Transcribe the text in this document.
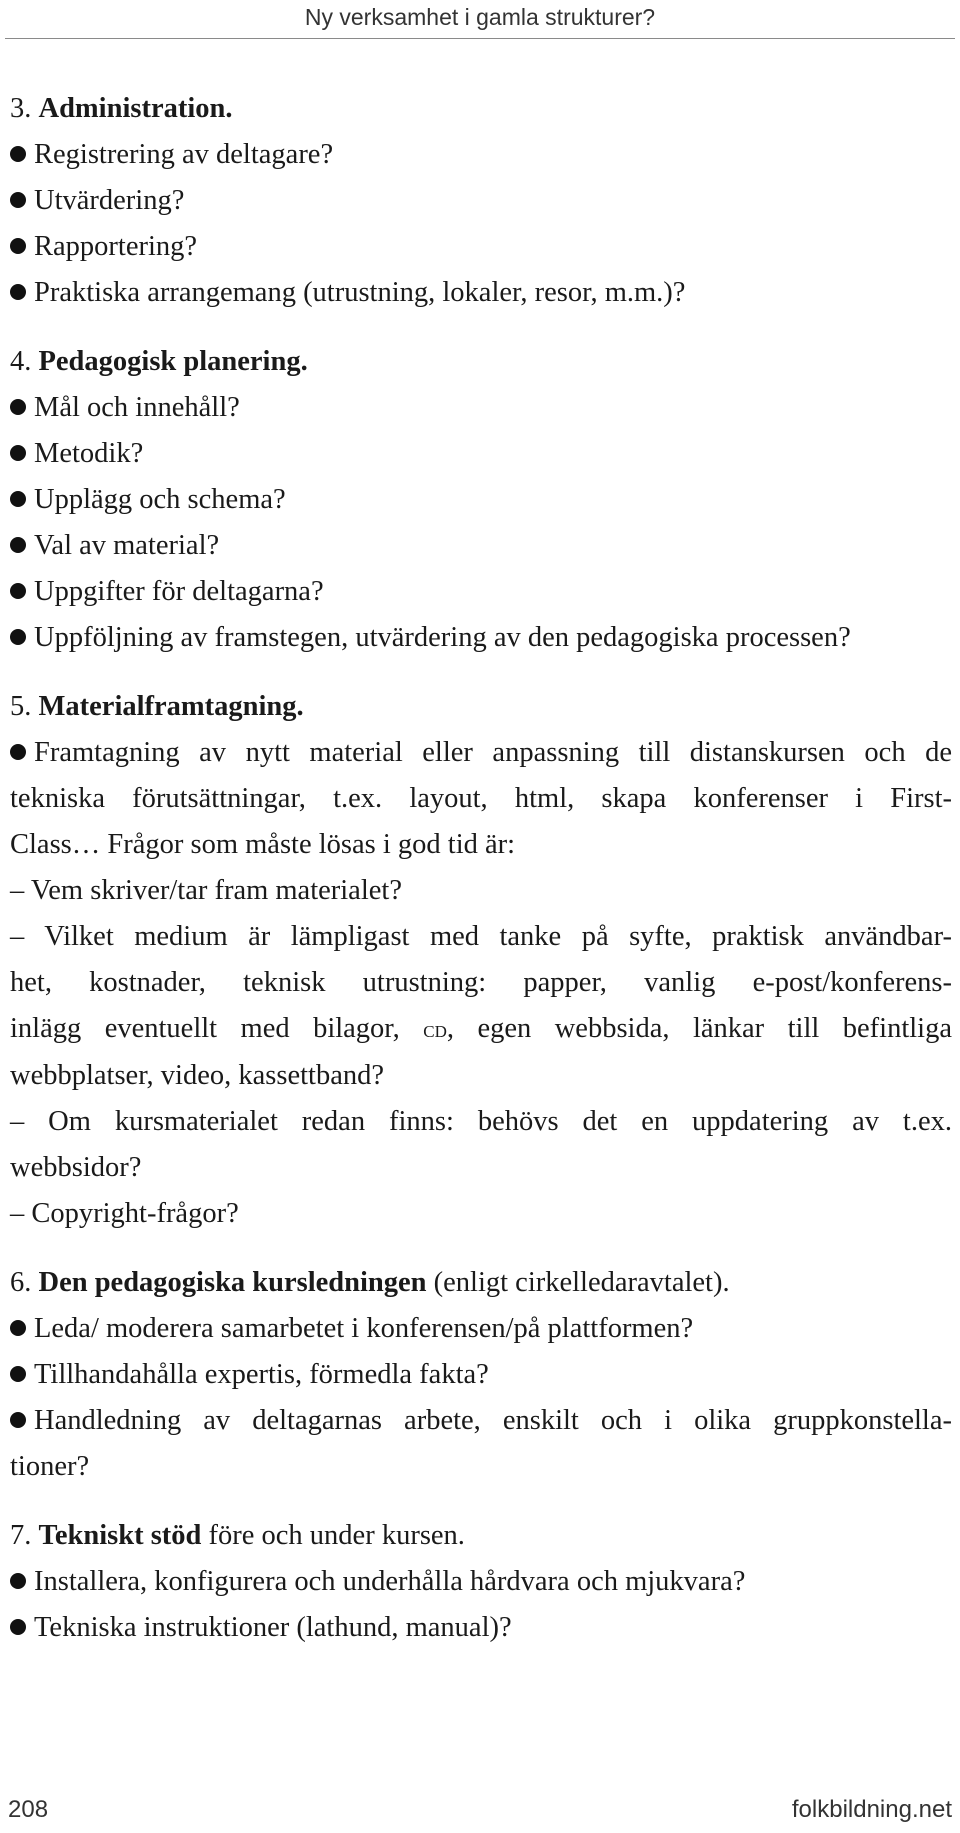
Ny verksamhet i gamla strukturer?
3. Administration.
Registrering av deltagare?
Utvärdering?
Rapportering?
Praktiska arrangemang (utrustning, lokaler, resor, m.m.)?
4. Pedagogisk planering.
Mål och innehåll?
Metodik?
Upplägg och schema?
Val av material?
Uppgifter för deltagarna?
Uppföljning av framstegen, utvärdering av den pedagogiska processen?
5. Materialframtagning.
Framtagning av nytt material eller anpassning till distanskursen och de
tekniska förutsättningar, t.ex. layout, html, skapa konferenser i First-
Class… Frågor som måste lösas i god tid är:
– Vem skriver/tar fram materialet?
– Vilket medium är lämpligast med tanke på syfte, praktisk användbar-
het, kostnader, teknisk utrustning: papper, vanlig e-post/konferens-
inlägg eventuellt med bilagor, cd, egen webbsida, länkar till befintliga
webbplatser, video, kassettband?
– Om kursmaterialet redan finns: behövs det en uppdatering av t.ex.
webbsidor?
– Copyright-frågor?
6. Den pedagogiska kursledningen (enligt cirkelledaravtalet).
Leda/ moderera samarbetet i konferensen/på plattformen?
Tillhandahålla expertis, förmedla fakta?
Handledning av deltagarnas arbete, enskilt och i olika gruppkonstella-
tioner?
7. Tekniskt stöd före och under kursen.
Installera, konfigurera och underhålla hårdvara och mjukvara?
Tekniska instruktioner (lathund, manual)?
208	folkbildning.net
